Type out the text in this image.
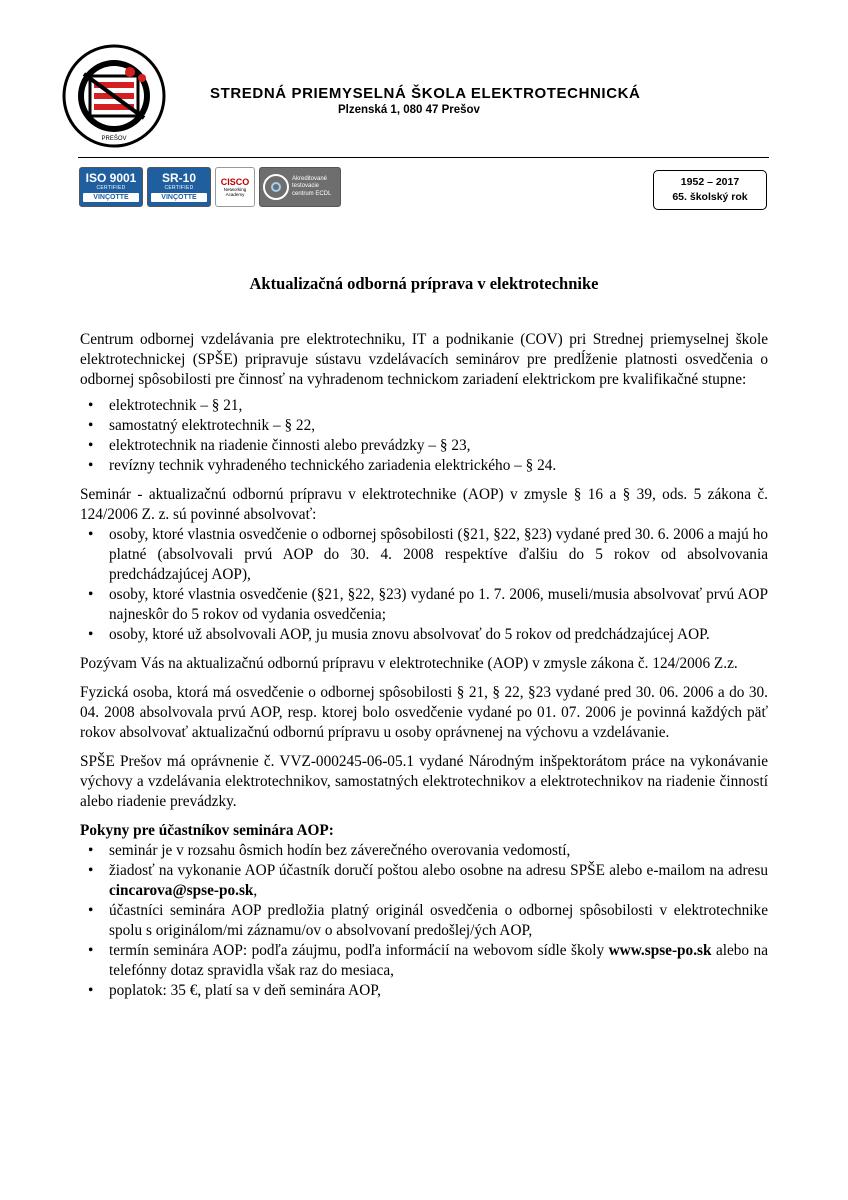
PREŠOV
STREDNÁ PRIEMYSELNÁ ŠKOLA ELEKTROTECHNICKÁ
Plzenská 1, 080 47 Prešov
ISO 9001
CERTIFIED
VINÇOTTE
SR-10
CERTIFIED
VINÇOTTE
CISCO
Networking Academy
Akreditované
testovacie
centrum ECDL
1952 – 2017
65. školský rok
Aktualizačná odborná príprava v elektrotechnike

Centrum odbornej vzdelávania pre elektrotechniku, IT a podnikanie (COV) pri Strednej priemyselnej škole elektrotechnickej (SPŠE) pripravuje sústavu vzdelávacích seminárov pre predĺženie platnosti osvedčenia o odbornej spôsobilosti pre činnosť na vyhradenom technickom zariadení elektrickom pre kvalifikačné stupne:

• elektrotechnik – § 21,
• samostatný elektrotechnik – § 22,
• elektrotechnik na riadenie činnosti alebo prevádzky – § 23,
• revízny technik vyhradeného technického zariadenia elektrického – § 24.

Seminár - aktualizačnú odbornú prípravu v elektrotechnike (AOP) v zmysle § 16 a § 39, ods. 5 zákona č. 124/2006 Z. z. sú povinné absolvovať:

• osoby, ktoré vlastnia osvedčenie o odbornej spôsobilosti (§21, §22, §23) vydané pred 30. 6. 2006 a majú ho platné (absolvovali prvú AOP do 30. 4. 2008 respektíve ďalšiu do 5 rokov od absolvovania predchádzajúcej AOP),
• osoby, ktoré vlastnia osvedčenie (§21, §22, §23) vydané po 1. 7. 2006, museli/musia absolvovať prvú AOP najneskôr do 5 rokov od vydania osvedčenia;
• osoby, ktoré už absolvovali AOP, ju musia znovu absolvovať do 5 rokov od predchádzajúcej AOP.

Pozývam Vás na aktualizačnú odbornú prípravu v elektrotechnike (AOP) v zmysle zákona č. 124/2006 Z.z.

Fyzická osoba, ktorá má osvedčenie o odbornej spôsobilosti § 21, § 22, §23 vydané pred 30. 06. 2006 a do 30. 04. 2008 absolvovala prvú AOP, resp. ktorej bolo osvedčenie vydané po 01. 07. 2006 je povinná každých päť rokov absolvovať aktualizačnú odbornú prípravu u osoby oprávnenej na výchovu a vzdelávanie.

SPŠE Prešov má oprávnenie č. VVZ-000245-06-05.1 vydané Národným inšpektorátom práce na vykonávanie výchovy a vzdelávania elektrotechnikov, samostatných elektrotechnikov a elektrotechnikov na riadenie činností alebo riadenie prevádzky.

Pokyny pre účastníkov seminára AOP:

• seminár je v rozsahu ôsmich hodín bez záverečného overovania vedomostí,
• žiadosť na vykonanie AOP účastník doručí poštou alebo osobne na adresu SPŠE alebo e-mailom na adresu cincarova@spse-po.sk,
• účastníci seminára AOP predložia platný originál osvedčenia o odbornej spôsobilosti v elektrotechnike spolu s originálom/mi záznamu/ov o absolvovaní predošlej/ých AOP,
• termín seminára AOP: podľa záujmu, podľa informácií na webovom sídle školy www.spse-po.sk alebo na telefónny dotaz spravidla však raz do mesiaca,
• poplatok: 35 €, platí sa v deň seminára AOP,
